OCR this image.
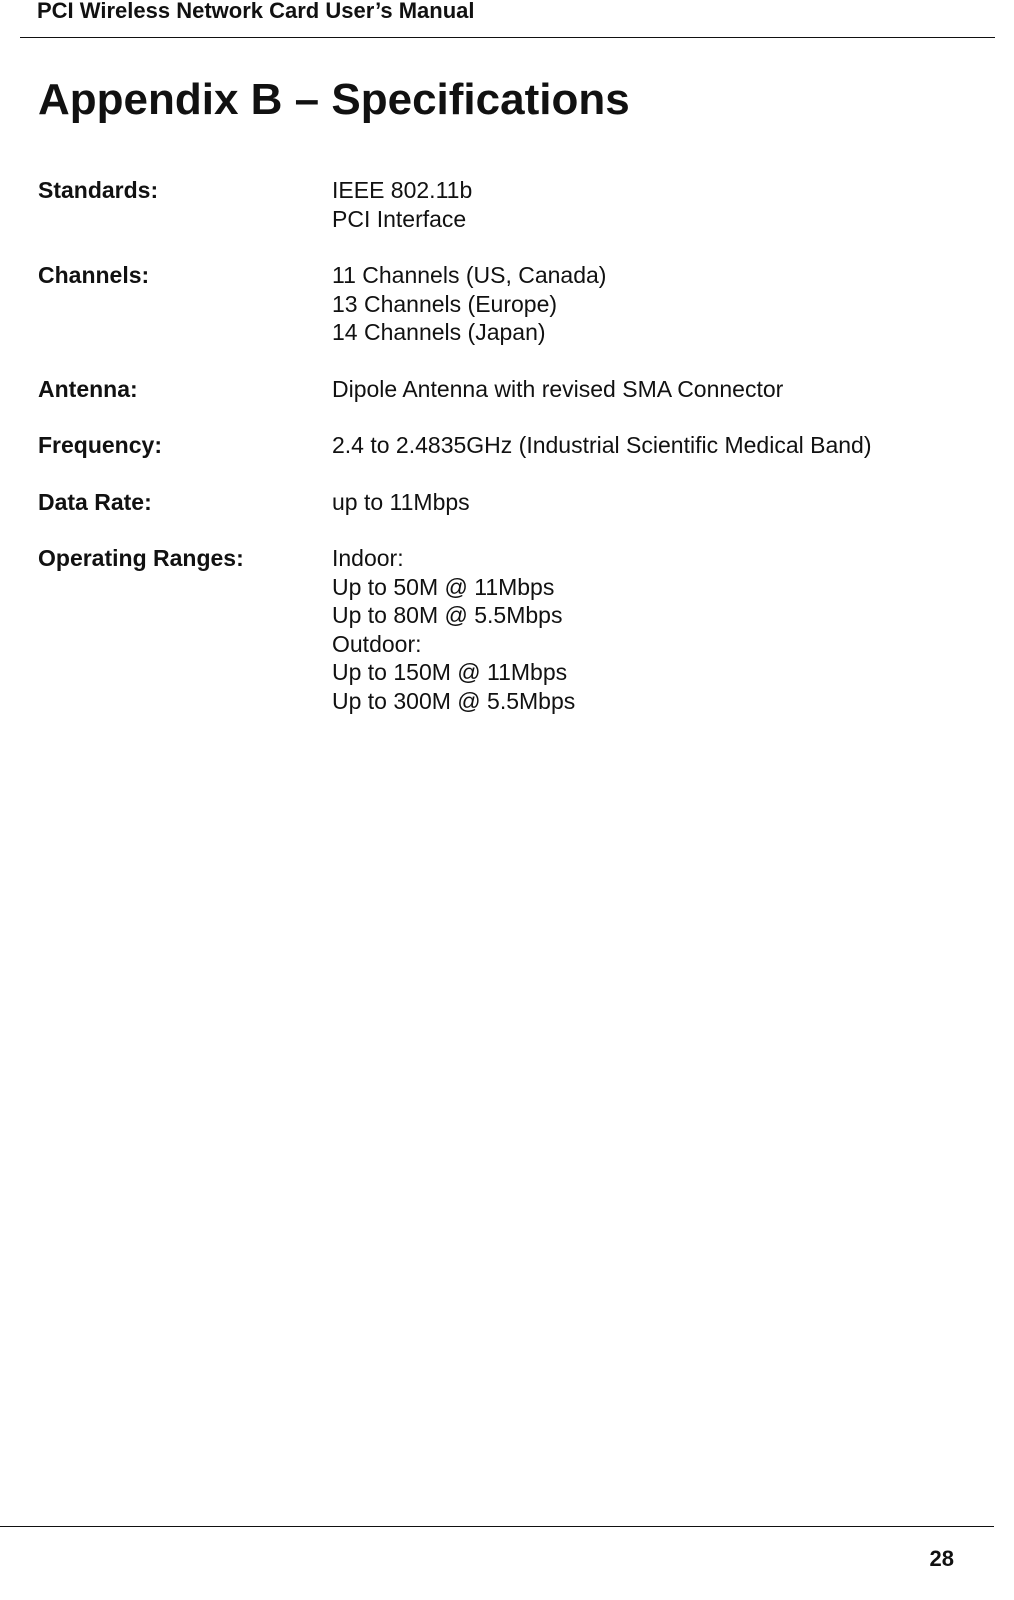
PCI Wireless Network Card User’s Manual
Appendix B – Specifications
Standards:	IEEE 802.11b
PCI Interface
Channels:	11 Channels (US, Canada)
13 Channels (Europe)
14 Channels (Japan)
Antenna:	Dipole Antenna with revised SMA Connector
Frequency:	2.4 to 2.4835GHz (Industrial Scientific Medical Band)
Data Rate:	up to 11Mbps
Operating Ranges:	Indoor:
Up to 50M @ 11Mbps
Up to 80M @ 5.5Mbps
Outdoor:
Up to 150M @ 11Mbps
Up to 300M @ 5.5Mbps
28
